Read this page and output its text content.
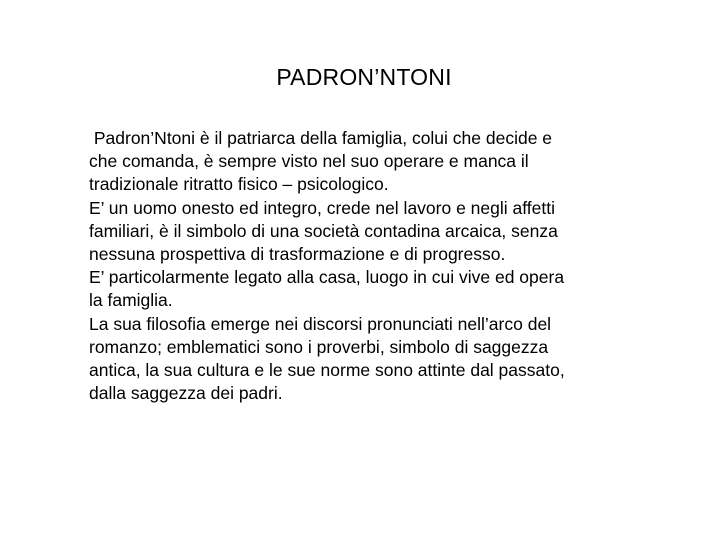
PADRON’NTONI
Padron’Ntoni è il patriarca della famiglia, colui che decide e
che comanda, è sempre visto nel suo operare e manca il
tradizionale ritratto fisico – psicologico.
E’ un uomo onesto ed integro, crede nel lavoro e negli affetti
familiari, è il simbolo di una società contadina arcaica, senza
nessuna prospettiva di trasformazione e di progresso.
E’ particolarmente legato alla casa, luogo in cui vive ed opera
la famiglia.
La sua filosofia emerge nei discorsi pronunciati nell’arco del
romanzo; emblematici sono i proverbi, simbolo di saggezza
antica, la sua cultura e le sue norme sono attinte dal passato,
dalla saggezza dei padri.
